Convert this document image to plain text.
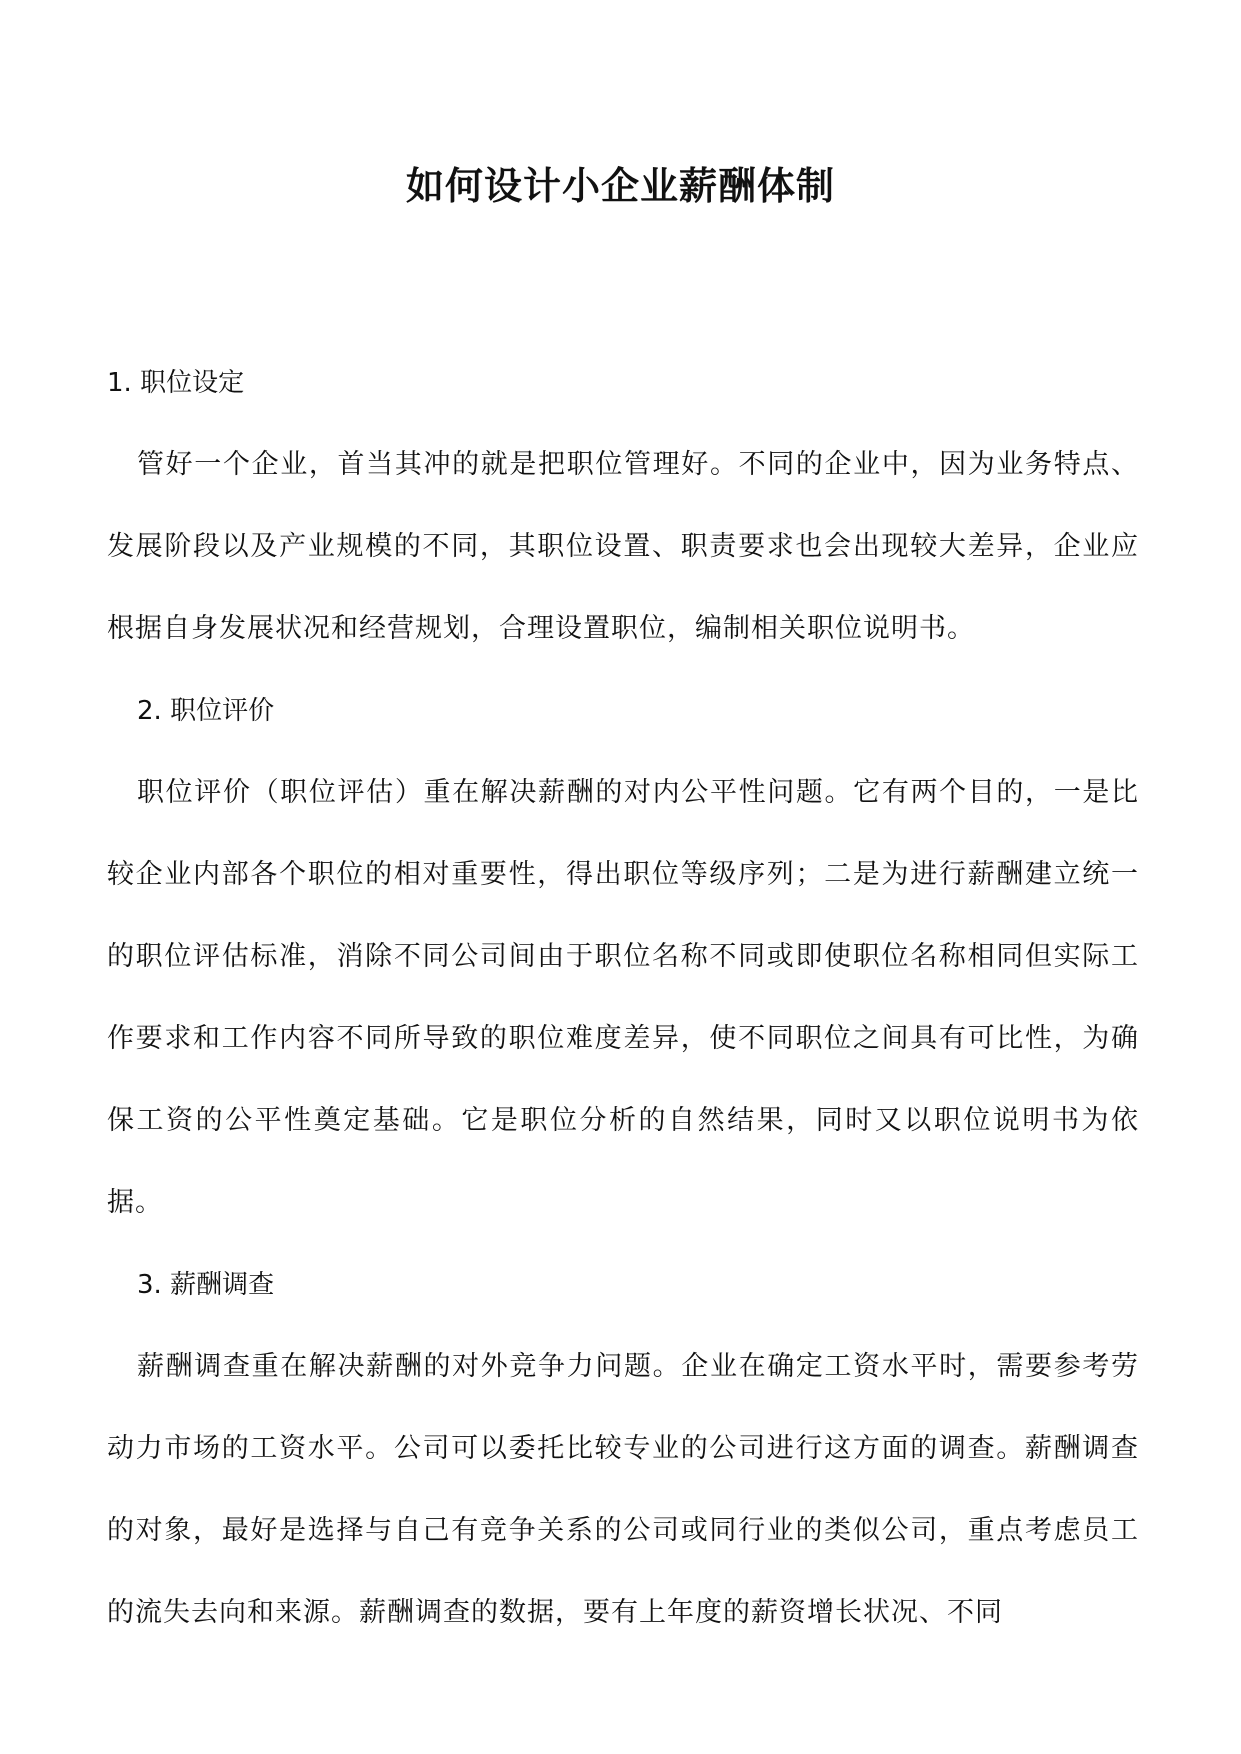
如何设计小企业薪酬体制

1. 职位设定

管好一个企业，首当其冲的就是把职位管理好。不同的企业中，因为业务特点、发展阶段以及产业规模的不同，其职位设置、职责要求也会出现较大差异，企业应根据自身发展状况和经营规划，合理设置职位，编制相关职位说明书。

2. 职位评价

职位评价（职位评估）重在解决薪酬的对内公平性问题。它有两个目的，一是比较企业内部各个职位的相对重要性，得出职位等级序列；二是为进行薪酬建立统一的职位评估标准，消除不同公司间由于职位名称不同或即使职位名称相同但实际工作要求和工作内容不同所导致的职位难度差异，使不同职位之间具有可比性，为确保工资的公平性奠定基础。它是职位分析的自然结果，同时又以职位说明书为依据。

3. 薪酬调查

薪酬调查重在解决薪酬的对外竞争力问题。企业在确定工资水平时，需要参考劳动力市场的工资水平。公司可以委托比较专业的公司进行这方面的调查。薪酬调查的对象，最好是选择与自己有竞争关系的公司或同行业的类似公司，重点考虑员工的流失去向和来源。薪酬调查的数据，要有上年度的薪资增长状况、不同
